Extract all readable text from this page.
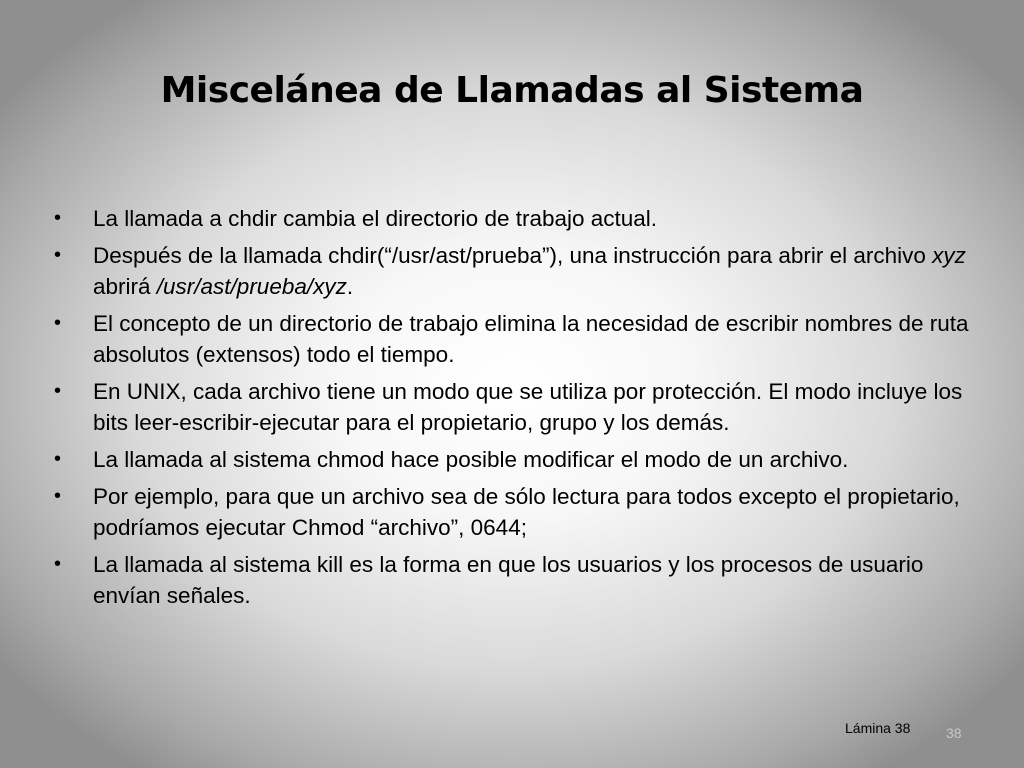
Miscelánea de Llamadas al Sistema
• La llamada a chdir cambia el directorio de trabajo actual.
• Después de la llamada chdir(“/usr/ast/prueba”), una instrucción para abrir el archivo xyz abrirá /usr/ast/prueba/xyz.
• El concepto de un directorio de trabajo elimina la necesidad de escribir nombres de ruta absolutos (extensos) todo el tiempo.
• En UNIX, cada archivo tiene un modo que se utiliza por protección. El modo incluye los bits leer-escribir-ejecutar para el propietario, grupo y los demás.
• La llamada al sistema chmod hace posible modificar el modo de un archivo.
• Por ejemplo, para que un archivo sea de sólo lectura para todos excepto el propietario, podríamos ejecutar Chmod “archivo”, 0644;
• La llamada al sistema kill es la forma en que los usuarios y los procesos de usuario envían señales.
Lámina 38	38
